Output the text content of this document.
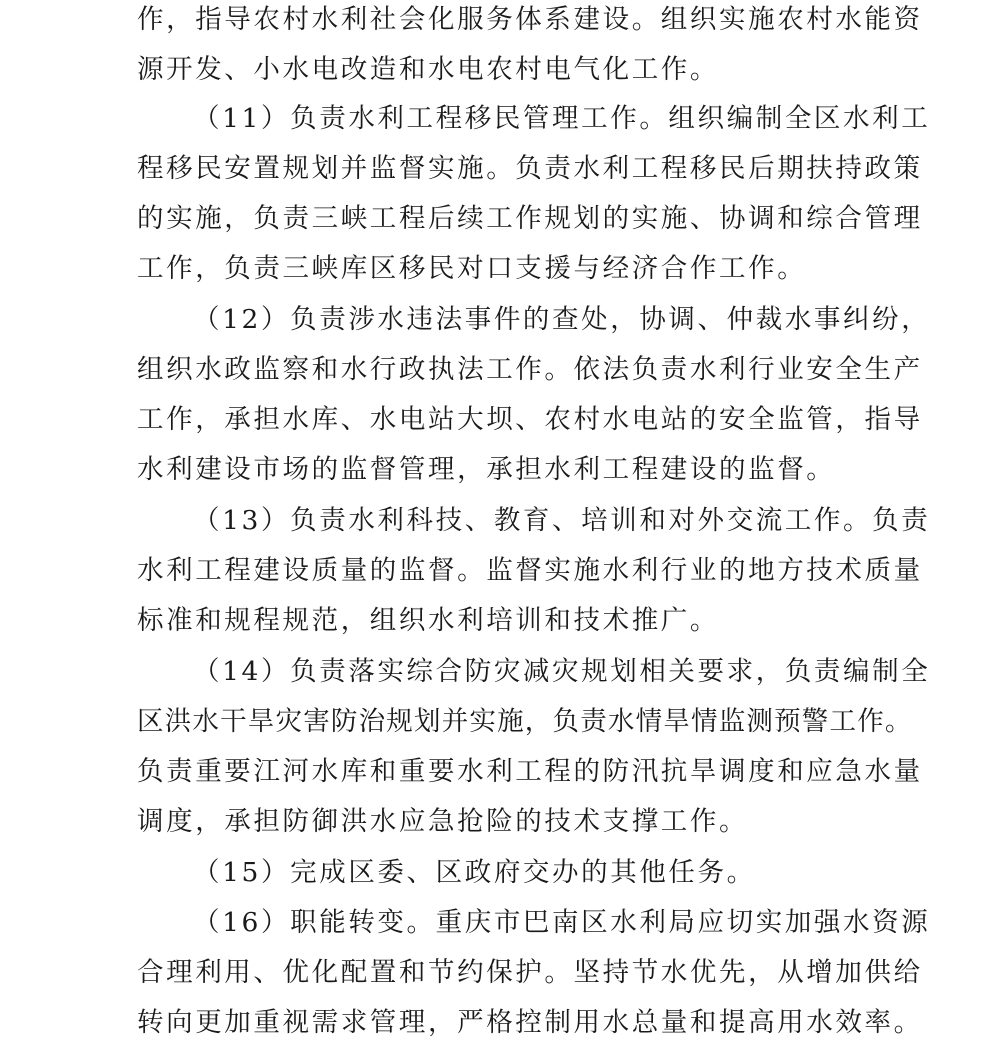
作，指导农村水利社会化服务体系建设。组织实施农村水能资
源开发、小水电改造和水电农村电气化工作。
（11）负责水利工程移民管理工作。组织编制全区水利工
程移民安置规划并监督实施。负责水利工程移民后期扶持政策
的实施，负责三峡工程后续工作规划的实施、协调和综合管理
工作，负责三峡库区移民对口支援与经济合作工作。
（12）负责涉水违法事件的查处，协调、仲裁水事纠纷，
组织水政监察和水行政执法工作。依法负责水利行业安全生产
工作，承担水库、水电站大坝、农村水电站的安全监管，指导
水利建设市场的监督管理，承担水利工程建设的监督。
（13）负责水利科技、教育、培训和对外交流工作。负责
水利工程建设质量的监督。监督实施水利行业的地方技术质量
标准和规程规范，组织水利培训和技术推广。
（14）负责落实综合防灾减灾规划相关要求，负责编制全
区洪水干旱灾害防治规划并实施，负责水情旱情监测预警工作。
负责重要江河水库和重要水利工程的防汛抗旱调度和应急水量
调度，承担防御洪水应急抢险的技术支撑工作。
（15）完成区委、区政府交办的其他任务。
（16）职能转变。重庆市巴南区水利局应切实加强水资源
合理利用、优化配置和节约保护。坚持节水优先，从增加供给
转向更加重视需求管理，严格控制用水总量和提高用水效率。
